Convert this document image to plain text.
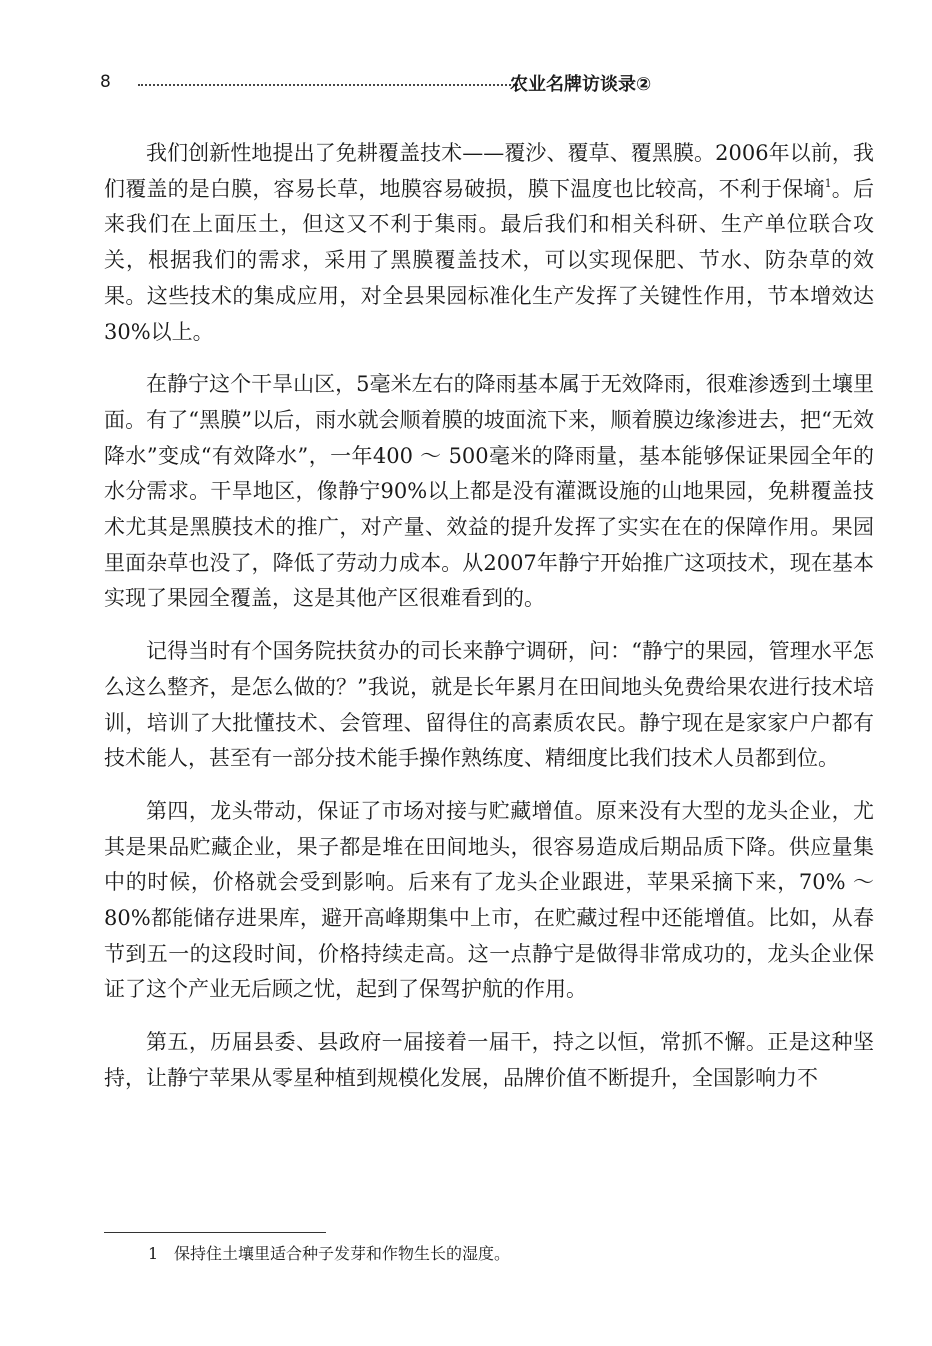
8	农业名牌访谈录②

我们创新性地提出了免耕覆盖技术——覆沙、覆草、覆黑膜。2006年以前，我们覆盖的是白膜，容易长草，地膜容易破损，膜下温度也比较高，不利于保墒$^1$。后来我们在上面压土，但这又不利于集雨。最后我们和相关科研、生产单位联合攻关，根据我们的需求，采用了黑膜覆盖技术，可以实现保肥、节水、防杂草的效果。这些技术的集成应用，对全县果园标准化生产发挥了关键性作用，节本增效达30%以上。

在静宁这个干旱山区，5毫米左右的降雨基本属于无效降雨，很难渗透到土壤里面。有了“黑膜”以后，雨水就会顺着膜的坡面流下来，顺着膜边缘渗进去，把“无效降水”变成“有效降水”，一年400 ～ 500毫米的降雨量，基本能够保证果园全年的水分需求。干旱地区，像静宁90%以上都是没有灌溉设施的山地果园，免耕覆盖技术尤其是黑膜技术的推广，对产量、效益的提升发挥了实实在在的保障作用。果园里面杂草也没了，降低了劳动力成本。从2007年静宁开始推广这项技术，现在基本实现了果园全覆盖，这是其他产区很难看到的。

记得当时有个国务院扶贫办的司长来静宁调研，问：“静宁的果园，管理水平怎么这么整齐，是怎么做的？”我说，就是长年累月在田间地头免费给果农进行技术培训，培训了大批懂技术、会管理、留得住的高素质农民。静宁现在是家家户户都有技术能人，甚至有一部分技术能手操作熟练度、精细度比我们技术人员都到位。

第四，龙头带动，保证了市场对接与贮藏增值。原来没有大型的龙头企业，尤其是果品贮藏企业，果子都是堆在田间地头，很容易造成后期品质下降。供应量集中的时候，价格就会受到影响。后来有了龙头企业跟进，苹果采摘下来，70% ～ 80%都能储存进果库，避开高峰期集中上市，在贮藏过程中还能增值。比如，从春节到五一的这段时间，价格持续走高。这一点静宁是做得非常成功的，龙头企业保证了这个产业无后顾之忧，起到了保驾护航的作用。

第五，历届县委、县政府一届接着一届干，持之以恒，常抓不懈。正是这种坚持，让静宁苹果从零星种植到规模化发展，品牌价值不断提升，全国影响力不

1 保持住土壤里适合种子发芽和作物生长的湿度。
